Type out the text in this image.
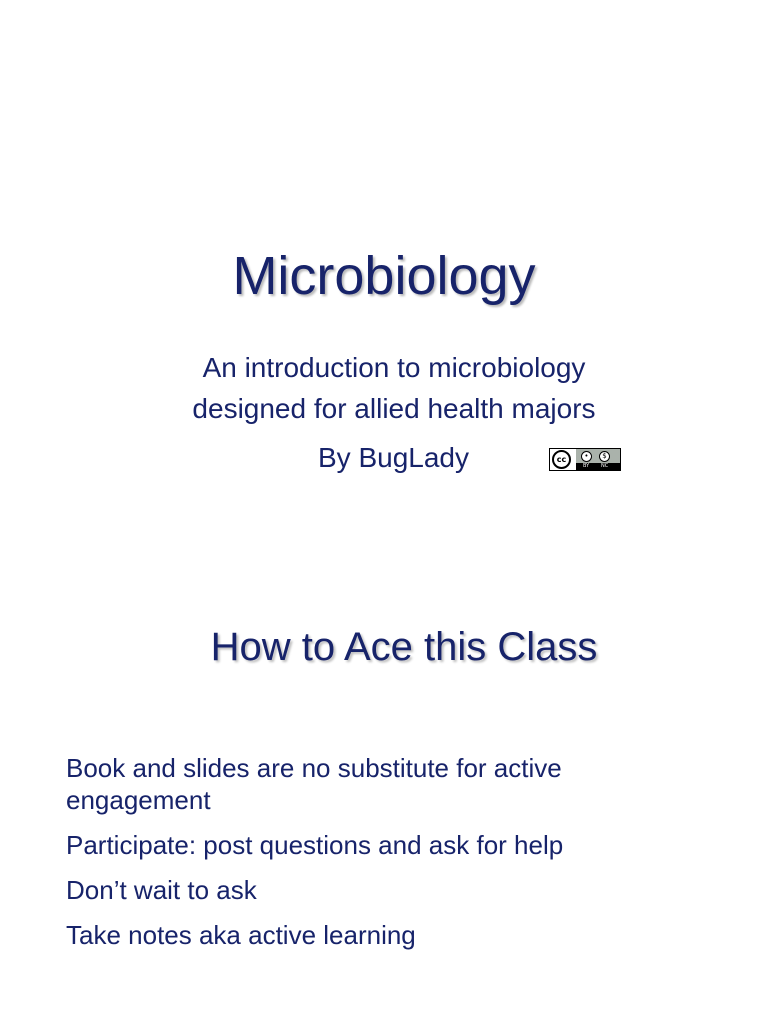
Microbiology
An introduction to microbiology
designed for allied health majors
By BugLady	cc	•	$
BY NC
How to Ace this Class
Book and slides are no substitute for active engagement
Participate: post questions and ask for help
Don’t wait to ask
Take notes aka active learning
